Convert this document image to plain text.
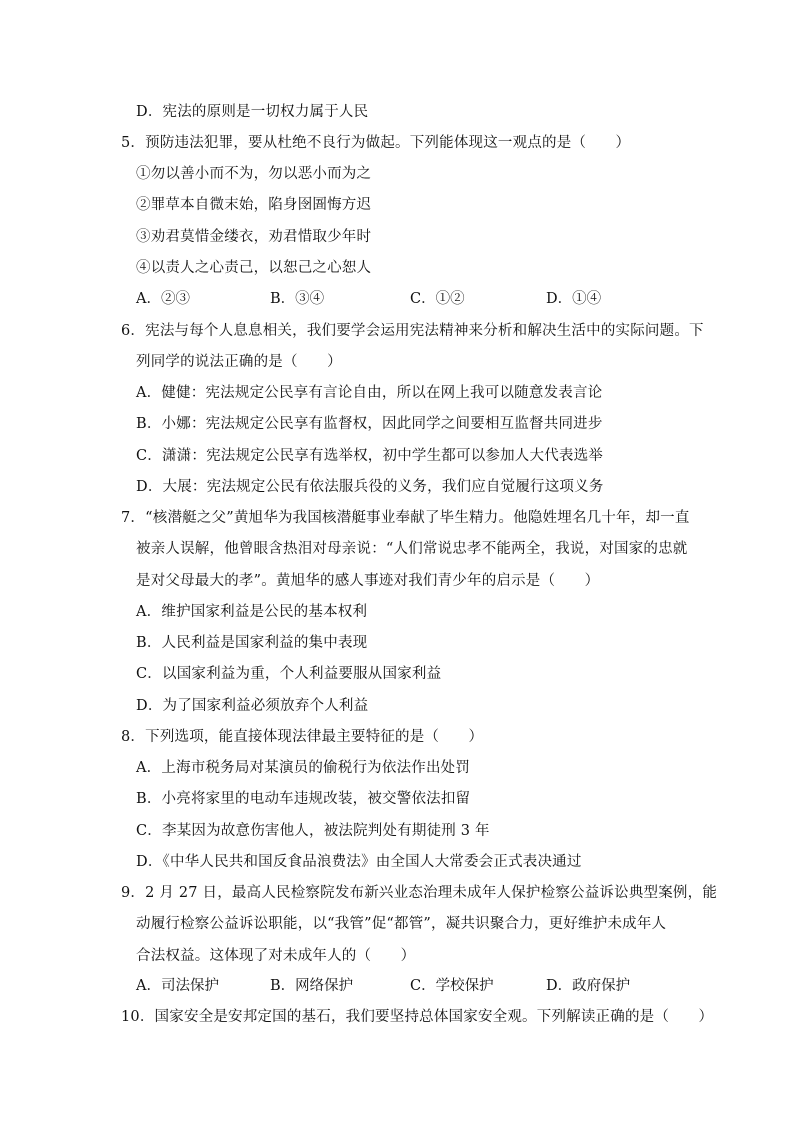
D．宪法的原则是一切权力属于人民
5．预防违法犯罪，要从杜绝不良行为做起。下列能体现这一观点的是（　　）
①勿以善小而不为，勿以恶小而为之
②罪草本自微末始，陷身囹圄悔方迟
③劝君莫惜金缕衣，劝君惜取少年时
④以责人之心责己，以恕己之心恕人
A．②③	B．③④	C．①②	D．①④
6．宪法与每个人息息相关，我们要学会运用宪法精神来分析和解决生活中的实际问题。下
列同学的说法正确的是（　　）
A．健健：宪法规定公民享有言论自由，所以在网上我可以随意发表言论
B．小娜：宪法规定公民享有监督权，因此同学之间要相互监督共同进步
C．潇潇：宪法规定公民享有选举权，初中学生都可以参加人大代表选举
D．大展：宪法规定公民有依法服兵役的义务，我们应自觉履行这项义务
7．“核潜艇之父”黄旭华为我国核潜艇事业奉献了毕生精力。他隐姓埋名几十年，却一直
被亲人误解，他曾眼含热泪对母亲说：“人们常说忠孝不能两全，我说，对国家的忠就
是对父母最大的孝”。黄旭华的感人事迹对我们青少年的启示是（　　）
A．维护国家利益是公民的基本权利
B．人民利益是国家利益的集中表现
C．以国家利益为重，个人利益要服从国家利益
D．为了国家利益必须放弃个人利益
8．下列选项，能直接体现法律最主要特征的是（　　）
A．上海市税务局对某演员的偷税行为依法作出处罚
B．小亮将家里的电动车违规改装，被交警依法扣留
C．李某因为故意伤害他人，被法院判处有期徒刑 3 年
D．《中华人民共和国反食品浪费法》由全国人大常委会正式表决通过
9．2 月 27 日，最高人民检察院发布新兴业态治理未成年人保护检察公益诉讼典型案例，能
动履行检察公益诉讼职能，以“我管”促“都管”，凝共识聚合力，更好维护未成年人
合法权益。这体现了对未成年人的（　　）
A．司法保护	B．网络保护	C．学校保护	D．政府保护
10．国家安全是安邦定国的基石，我们要坚持总体国家安全观。下列解读正确的是（　　）
